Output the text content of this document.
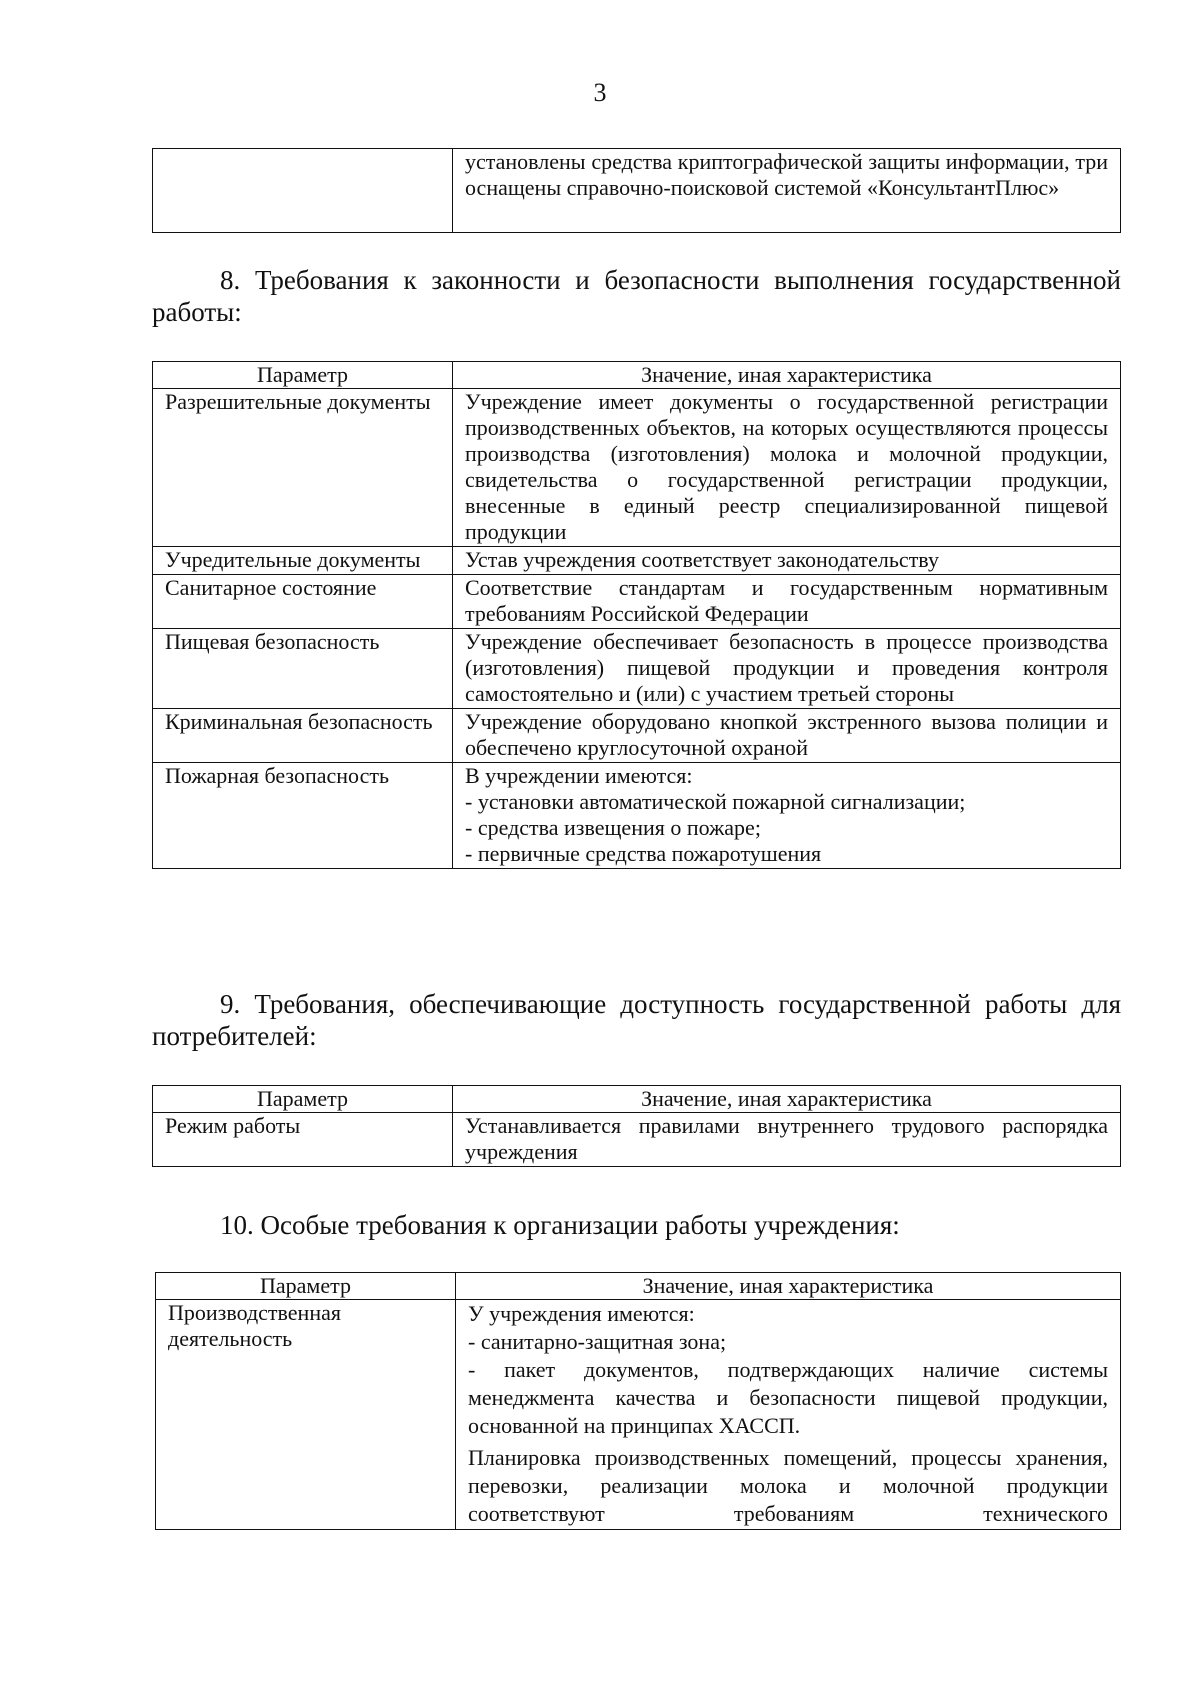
3
	установлены средства криптографической защиты информации, три оснащены справочно-поисковой системой «КонсультантПлюс»
8. Требования к законности и безопасности выполнения государственной работы:
Параметр	Значение, иная характеристика
Разрешительные документы	Учреждение имеет документы о государственной регистрации производственных объектов, на которых осуществляются процессы производства (изготовления) молока и молочной продукции, свидетельства о государственной регистрации продукции, внесенные в единый реестр специализированной пищевой продукции
Учредительные документы	Устав учреждения соответствует законодательству
Санитарное состояние	Соответствие стандартам и государственным нормативным требованиям Российской Федерации
Пищевая безопасность	Учреждение обеспечивает безопасность в процессе производства (изготовления) пищевой продукции и проведения контроля самостоятельно и (или) с участием третьей стороны
Криминальная безопасность	Учреждение оборудовано кнопкой экстренного вызова полиции и обеспечено круглосуточной охраной
Пожарная безопасность	В учреждении имеются:
- установки автоматической пожарной сигнализации;
- средства извещения о пожаре;
- первичные средства пожаротушения
9. Требования, обеспечивающие доступность государственной работы для потребителей:
Параметр	Значение, иная характеристика
Режим работы	Устанавливается правилами внутреннего трудового распорядка учреждения
10. Особые требования к организации работы учреждения:
Параметр	Значение, иная характеристика
Производственная деятельность	У учреждения имеются:
- санитарно-защитная зона;
- пакет документов, подтверждающих наличие системы менеджмента качества и безопасности пищевой продукции, основанной на принципах ХАССП.
Планировка производственных помещений, процессы хранения, перевозки, реализации молока и молочной продукции соответствуют требованиям технического
